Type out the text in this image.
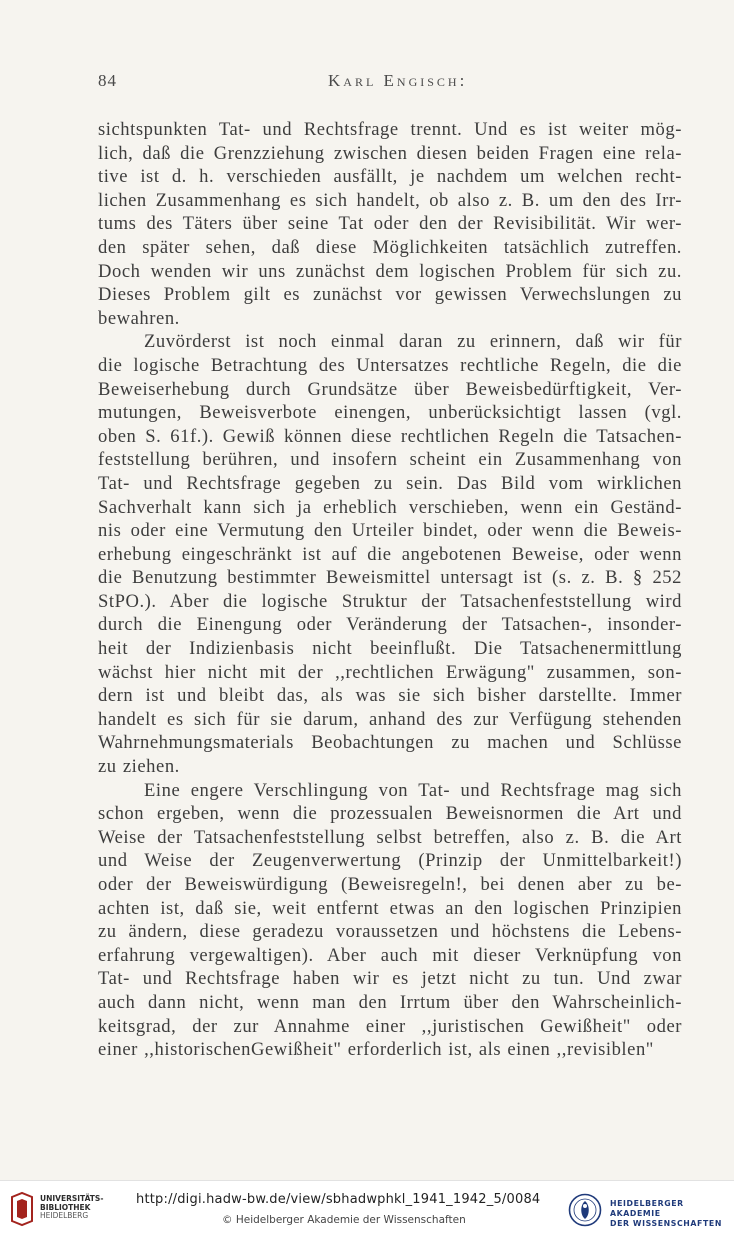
84	Karl Engisch:
sichtspunkten Tat- und Rechtsfrage trennt. Und es ist weiter mög-
lich, daß die Grenzziehung zwischen diesen beiden Fragen eine rela-
tive ist d. h. verschieden ausfällt, je nachdem um welchen recht-
lichen Zusammenhang es sich handelt, ob also z. B. um den des Irr-
tums des Täters über seine Tat oder den der Revisibilität. Wir wer-
den später sehen, daß diese Möglichkeiten tatsächlich zutreffen.
Doch wenden wir uns zunächst dem logischen Problem für sich zu.
Dieses Problem gilt es zunächst vor gewissen Verwechslungen zu
bewahren.
Zuvörderst ist noch einmal daran zu erinnern, daß wir für
die logische Betrachtung des Untersatzes rechtliche Regeln, die die
Beweiserhebung durch Grundsätze über Beweisbedürftigkeit, Ver-
mutungen, Beweisverbote einengen, unberücksichtigt lassen (vgl.
oben S. 61f.). Gewiß können diese rechtlichen Regeln die Tatsachen-
feststellung berühren, und insofern scheint ein Zusammenhang von
Tat- und Rechtsfrage gegeben zu sein. Das Bild vom wirklichen
Sachverhalt kann sich ja erheblich verschieben, wenn ein Geständ-
nis oder eine Vermutung den Urteiler bindet, oder wenn die Beweis-
erhebung eingeschränkt ist auf die angebotenen Beweise, oder wenn
die Benutzung bestimmter Beweismittel untersagt ist (s. z. B. § 252
StPO.). Aber die logische Struktur der Tatsachenfeststellung wird
durch die Einengung oder Veränderung der Tatsachen-, insonder-
heit der Indizienbasis nicht beeinflußt. Die Tatsachenermittlung
wächst hier nicht mit der ,,rechtlichen Erwägung" zusammen, son-
dern ist und bleibt das, als was sie sich bisher darstellte. Immer
handelt es sich für sie darum, anhand des zur Verfügung stehenden
Wahrnehmungsmaterials Beobachtungen zu machen und Schlüsse
zu ziehen.
Eine engere Verschlingung von Tat- und Rechtsfrage mag sich
schon ergeben, wenn die prozessualen Beweisnormen die Art und
Weise der Tatsachenfeststellung selbst betreffen, also z. B. die Art
und Weise der Zeugenverwertung (Prinzip der Unmittelbarkeit!)
oder der Beweiswürdigung (Beweisregeln!, bei denen aber zu be-
achten ist, daß sie, weit entfernt etwas an den logischen Prinzipien
zu ändern, diese geradezu voraussetzen und höchstens die Lebens-
erfahrung vergewaltigen). Aber auch mit dieser Verknüpfung von
Tat- und Rechtsfrage haben wir es jetzt nicht zu tun. Und zwar
auch dann nicht, wenn man den Irrtum über den Wahrscheinlich-
keitsgrad, der zur Annahme einer ,,juristischen Gewißheit" oder
einer ,,historischenGewißheit" erforderlich ist, als einen ,,revisiblen"
UNIVERSITÄTS-
BIBLIOTHEK
HEIDELBERG
http://digi.hadw-bw.de/view/sbhadwphkl_1941_1942_5/0084
© Heidelberger Akademie der Wissenschaften
HEIDELBERGER AKADEMIE
DER WISSENSCHAFTEN
